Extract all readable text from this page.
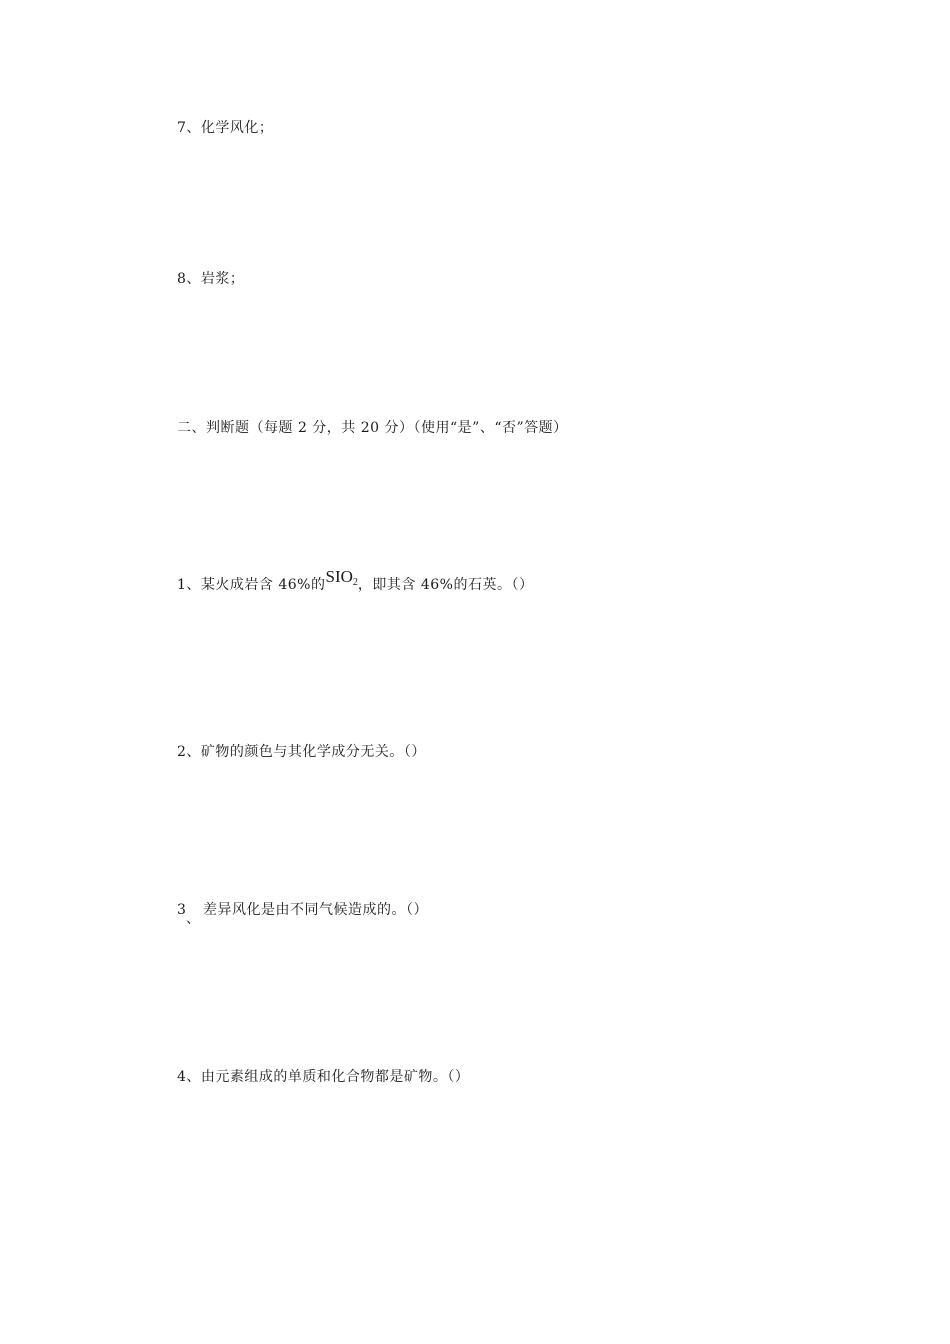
7、化学风化；
8、岩浆；
二、判断题（每题 2 分，共 20 分）（使用“是”、“否”答题）
1、某火成岩含 46%的$SIO_2$，即其含 46%的石英。（）
2、矿物的颜色与其化学成分无关。（）
3
、
差异风化是由不同气候造成的。（）
4、由元素组成的单质和化合物都是矿物。（）
